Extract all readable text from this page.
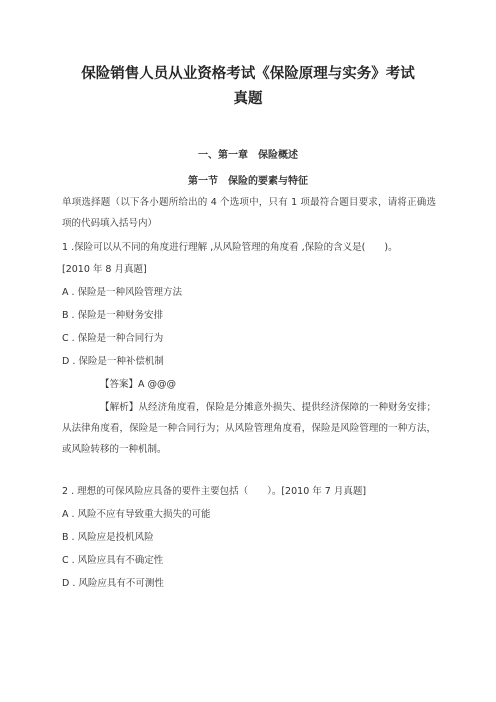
保险销售人员从业资格考试《保险原理与实务》考试
真题
一、第一章　保险概述
第一节　保险的要素与特征
单项选择题（以下各小题所给出的 4 个选项中，只有 1 项最符合题目要求，请将正确选项的代码填入括号内）
1 .保险可以从不同的角度进行理解 ,从风险管理的角度看 ,保险的含义是(　　)。
[2010 年 8 月真题]
A . 保险是一种风险管理方法
B . 保险是一种财务安排
C . 保险是一种合同行为
D . 保险是一种补偿机制
【答案】A @@@
【解析】从经济角度看，保险是分摊意外损失、提供经济保障的一种财务安排；从法律角度看，保险是一种合同行为；从风险管理角度看，保险是风险管理的一种方法，或风险转移的一种机制。
2 . 理想的可保风险应具备的要件主要包括（　　）。[2010 年 7 月真题]
A . 风险不应有导致重大损失的可能
B . 风险应是投机风险
C . 风险应具有不确定性
D . 风险应具有不可测性
